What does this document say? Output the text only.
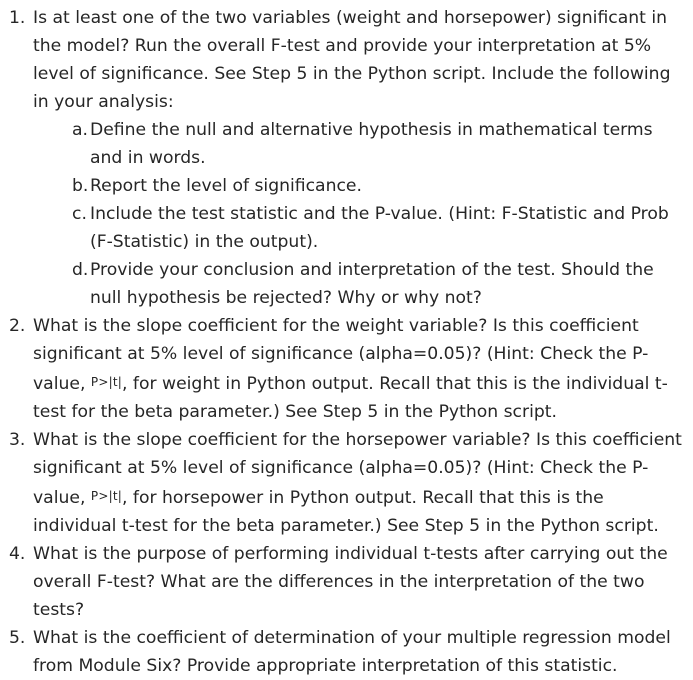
1. Is at least one of the two variables (weight and horsepower) significant in the model? Run the overall F-test and provide your interpretation at 5% level of significance. See Step 5 in the Python script. Include the following in your analysis:
a. Define the null and alternative hypothesis in mathematical terms and in words.
b. Report the level of significance.
c. Include the test statistic and the P-value. (Hint: F-Statistic and Prob (F-Statistic) in the output).
d. Provide your conclusion and interpretation of the test. Should the null hypothesis be rejected? Why or why not?
2. What is the slope coefficient for the weight variable? Is this coefficient significant at 5% level of significance (alpha=0.05)? (Hint: Check the P-value, P>|t|, for weight in Python output. Recall that this is the individual t-test for the beta parameter.) See Step 5 in the Python script.
3. What is the slope coefficient for the horsepower variable? Is this coefficient significant at 5% level of significance (alpha=0.05)? (Hint: Check the P-value, P>|t|, for horsepower in Python output. Recall that this is the individual t-test for the beta parameter.) See Step 5 in the Python script.
4. What is the purpose of performing individual t-tests after carrying out the overall F-test? What are the differences in the interpretation of the two tests?
5. What is the coefficient of determination of your multiple regression model from Module Six? Provide appropriate interpretation of this statistic.
